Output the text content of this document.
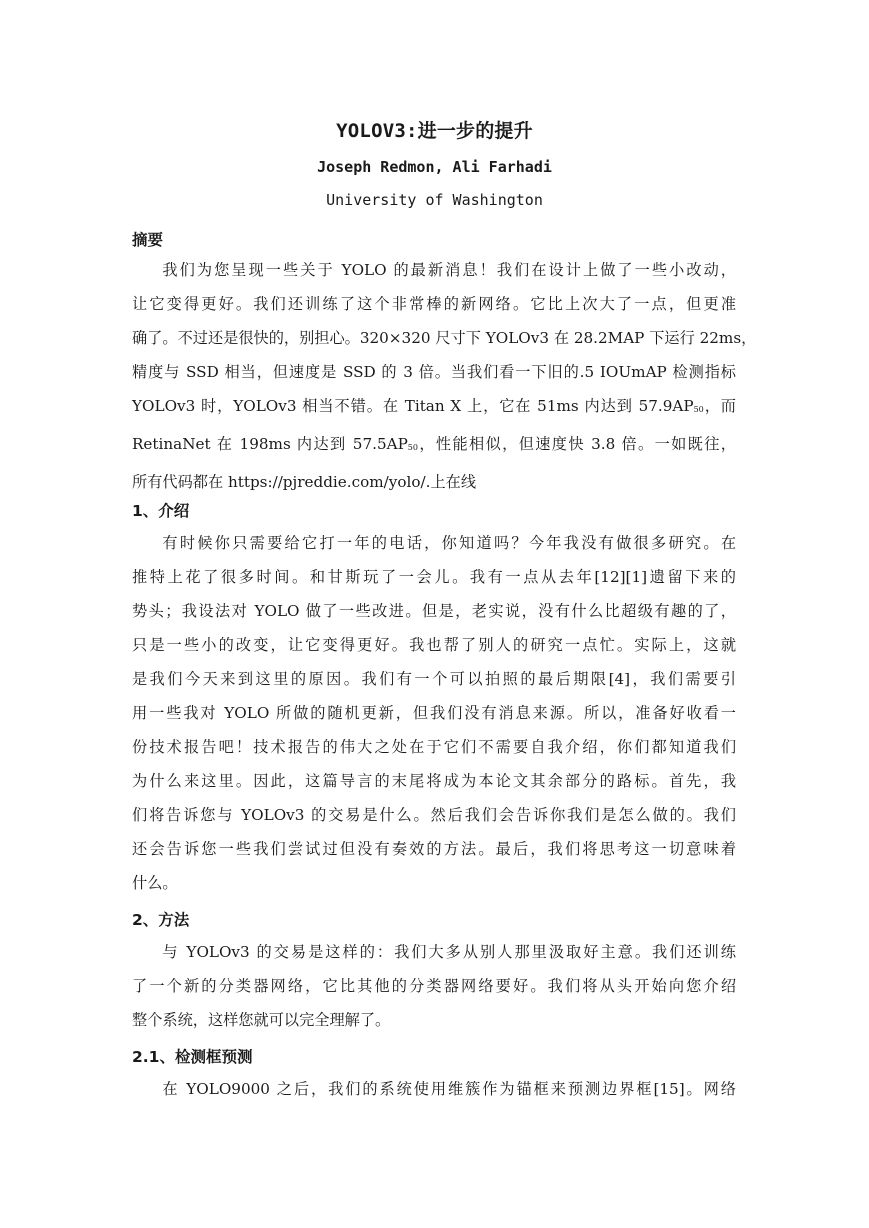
YOLOV3:进一步的提升
Joseph Redmon, Ali Farhadi
University of Washington
摘要
我们为您呈现一些关于 YOLO 的最新消息！我们在设计上做了一些小改动，
让它变得更好。我们还训练了这个非常棒的新网络。它比上次大了一点，但更准
确了。不过还是很快的，别担心。320×320 尺寸下 YOLOv3 在 28.2MAP 下运行 22ms，
精度与 SSD 相当，但速度是 SSD 的 3 倍。当我们看一下旧的.5 IOUmAP 检测指标
YOLOv3 时，YOLOv3 相当不错。在 Titan X 上，它在 51ms 内达到 $57.9AP_{50}$，而
RetinaNet 在 198ms 内达到 $57.5AP_{50}$，性能相似，但速度快 3.8 倍。一如既往，
所有代码都在 https://pjreddie.com/yolo/.上在线
1、介绍
有时候你只需要给它打一年的电话，你知道吗？今年我没有做很多研究。在
推特上花了很多时间。和甘斯玩了一会儿。我有一点从去年[12][1]遗留下来的
势头；我设法对 YOLO 做了一些改进。但是，老实说，没有什么比超级有趣的了，
只是一些小的改变，让它变得更好。我也帮了别人的研究一点忙。实际上，这就
是我们今天来到这里的原因。我们有一个可以拍照的最后期限[4]，我们需要引
用一些我对 YOLO 所做的随机更新，但我们没有消息来源。所以，准备好收看一
份技术报告吧！技术报告的伟大之处在于它们不需要自我介绍，你们都知道我们
为什么来这里。因此，这篇导言的末尾将成为本论文其余部分的路标。首先，我
们将告诉您与 YOLOv3 的交易是什么。然后我们会告诉你我们是怎么做的。我们
还会告诉您一些我们尝试过但没有奏效的方法。最后，我们将思考这一切意味着
什么。
2、方法
与 YOLOv3 的交易是这样的：我们大多从别人那里汲取好主意。我们还训练
了一个新的分类器网络，它比其他的分类器网络要好。我们将从头开始向您介绍
整个系统，这样您就可以完全理解了。
2.1、检测框预测
在 YOLO9000 之后，我们的系统使用维簇作为锚框来预测边界框[15]。网络
